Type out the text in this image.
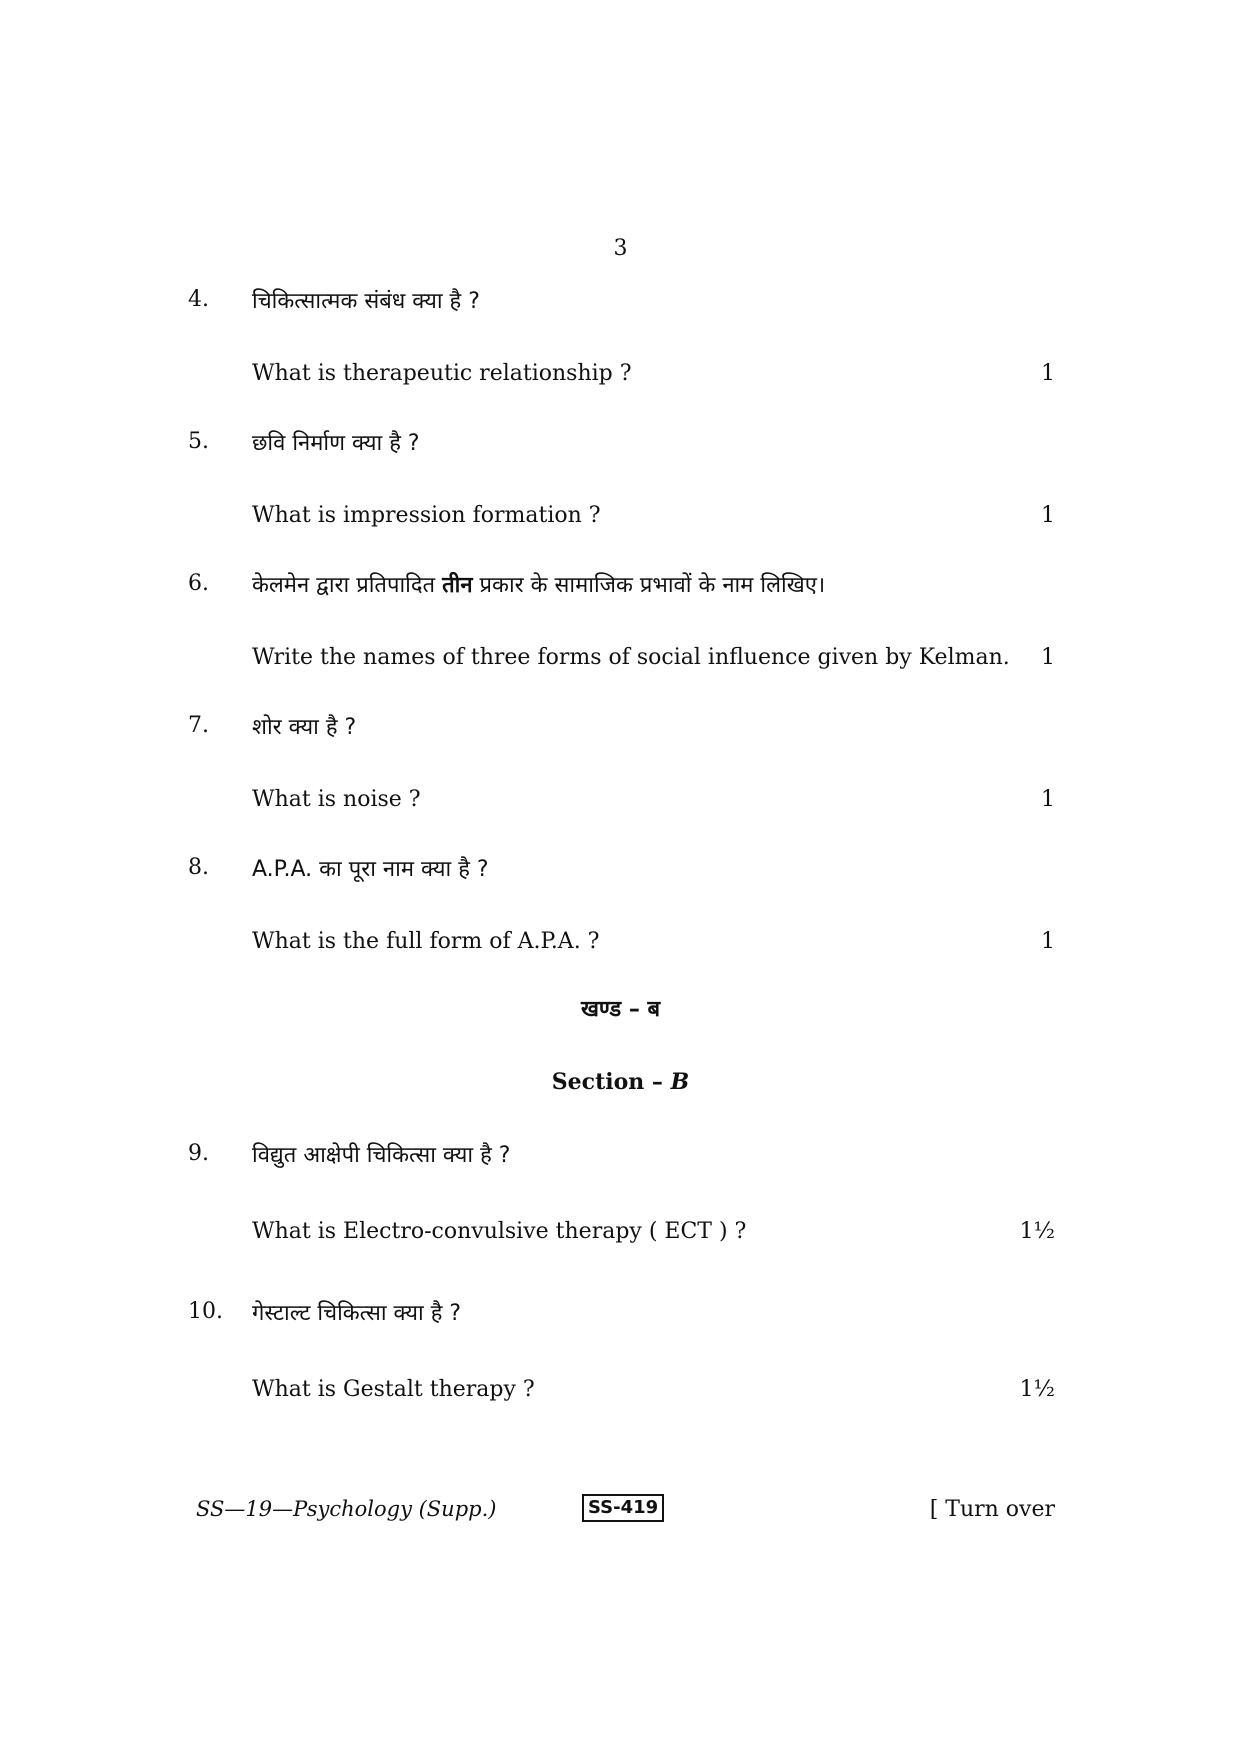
3
4. चिकित्सात्मक संबंध क्या है ?
What is therapeutic relationship ?	1
5. छवि निर्माण क्या है ?
What is impression formation ?	1
6. केलमेन द्वारा प्रतिपादित तीन प्रकार के सामाजिक प्रभावों के नाम लिखिए।
Write the names of three forms of social influence given by Kelman. 1
7. शोर क्या है ?
What is noise ?	1
8. A.P.A. का पूरा नाम क्या है ?
What is the full form of A.P.A. ?	1
खण्ड – ब
Section – B
9. विद्युत आक्षेपी चिकित्सा क्या है ?
What is Electro-convulsive therapy ( ECT ) ?	1½
10. गेस्टाल्ट चिकित्सा क्या है ?
What is Gestalt therapy ?	1½
SS—19—Psychology (Supp.)	SS-419	[ Turn over
